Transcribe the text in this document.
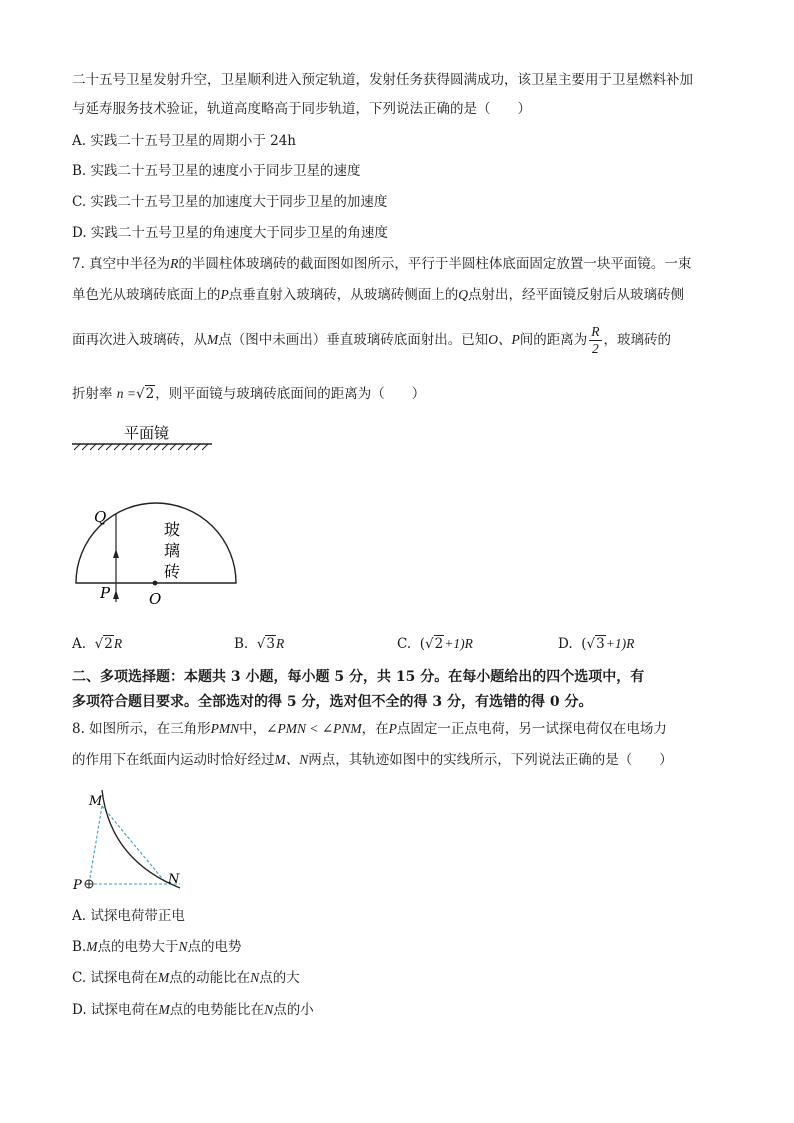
二十五号卫星发射升空，卫星顺利进入预定轨道，发射任务获得圆满成功，该卫星主要用于卫星燃料补加
与延寿服务技术验证，轨道高度略高于同步轨道，下列说法正确的是（　　）
A. 实践二十五号卫星的周期小于 24h
B. 实践二十五号卫星的速度小于同步卫星的速度
C. 实践二十五号卫星的加速度大于同步卫星的加速度
D. 实践二十五号卫星的角速度大于同步卫星的角速度
7. 真空中半径为R的半圆柱体玻璃砖的截面图如图所示，平行于半圆柱体底面固定放置一块平面镜。一束
单色光从玻璃砖底面上的P点垂直射入玻璃砖，从玻璃砖侧面上的Q点射出，经平面镜反射后从玻璃砖侧
面再次进入玻璃砖，从M点（图中未画出）垂直玻璃砖底面射出。已知O、P间的距离为 $\frac{R}{2}$ ，玻璃砖的
折射率 n =√2，则平面镜与玻璃砖底面间的距离为（　　）
平面镜
Q
P	O
玻
璃
砖
A.  √2R	B.  √3R	C. (√2+1)R	D. (√3+1)R
二、多项选择题：本题共 3 小题，每小题 5 分，共 15 分。在每小题给出的四个选项中，有
多项符合题目要求。全部选对的得 5 分，选对但不全的得 3 分，有选错的得 0 分。
8. 如图所示，在三角形PMN中，∠PMN < ∠PNM，在P点固定一正点电荷，另一试探电荷仅在电场力
的作用下在纸面内运动时恰好经过M、N两点，其轨迹如图中的实线所示，下列说法正确的是（　　）
M
N
P
A. 试探电荷带正电
B.M点的电势大于N点的电势
C. 试探电荷在M点的动能比在N点的大
D. 试探电荷在M点的电势能比在N点的小
